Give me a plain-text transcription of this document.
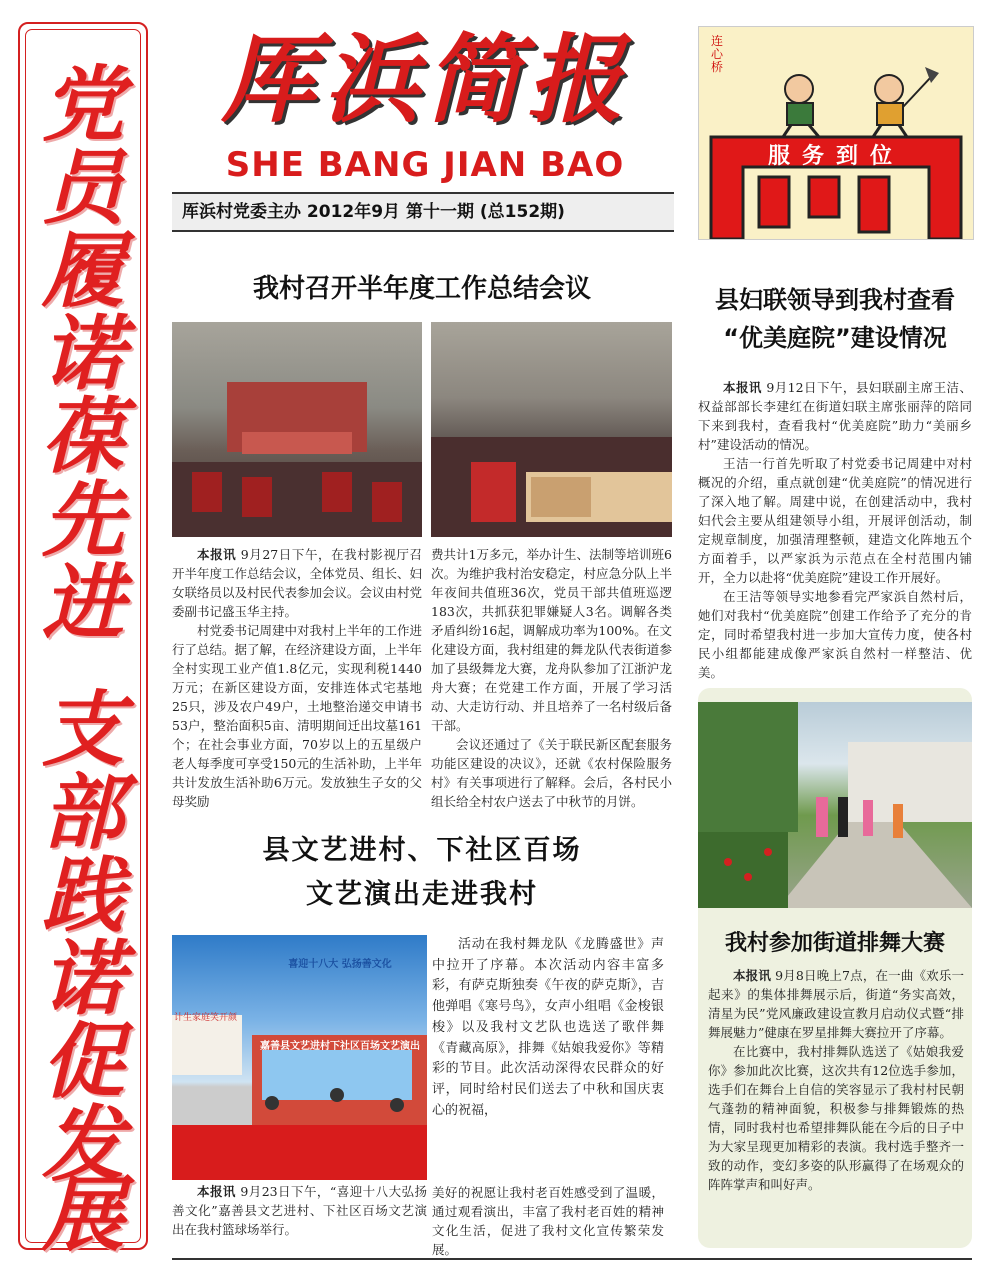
党
员
履
诺
葆
先
进
支
部
践
诺
促
发
展
厍浜简报
SHE BANG JIAN BAO
厍浜村党委主办 2012年9月 第十一期 (总152期)
连心桥
服务到位
我村召开半年度工作总结会议

本报讯 9月27日下午，在我村影视厅召开半年度工作总结会议，全体党员、组长、妇女联络员以及村民代表参加会议。会议由村党委副书记盛玉华主持。

村党委书记周建中对我村上半年的工作进行了总结。据了解，在经济建设方面，上半年全村实现工业产值1.8亿元，实现利税1440万元；在新区建设方面，安排连体式宅基地25只，涉及农户49户，土地整治递交申请书53户，整治面积5亩、清明期间迁出坟墓161个；在社会事业方面，70岁以上的五星级户老人每季度可享受150元的生活补助，上半年共计发放生活补助6万元。发放独生子女的父母奖励

费共计1万多元，举办计生、法制等培训班6次。为维护我村治安稳定，村应急分队上半年夜间共值班36次，党员干部共值班巡逻183次，共抓获犯罪嫌疑人3名。调解各类矛盾纠纷16起，调解成功率为100%。在文化建设方面，我村组建的舞龙队代表街道参加了县级舞龙大赛，龙舟队参加了江浙沪龙舟大赛；在党建工作方面，开展了学习活动、大走访行动、并且培养了一名村级后备干部。

会议还通过了《关于联民新区配套服务功能区建设的决议》，还就《农村保险服务村》有关事项进行了解释。会后，各村民小组长给全村农户送去了中秋节的月饼。

县文艺进村、下社区百场
文艺演出走进我村
计生家庭笑开颜
嘉善县文艺进村下社区百场文艺演出
喜迎十八大 弘扬善文化

本报讯 9月23日下午，“喜迎十八大弘扬善文化”嘉善县文艺进村、下社区百场文艺演出在我村篮球场举行。

活动在我村舞龙队《龙腾盛世》声中拉开了序幕。本次活动内容丰富多彩，有萨克斯独奏《午夜的萨克斯》，吉他弹唱《寒号鸟》，女声小组唱《金梭银梭》以及我村文艺队也选送了歌伴舞《青藏高原》，排舞《姑娘我爱你》等精彩的节目。此次活动深得农民群众的好评，同时给村民们送去了中秋和国庆衷心的祝福，

美好的祝愿让我村老百姓感受到了温暖，通过观看演出，丰富了我村老百姓的精神文化生活，促进了我村文化宣传繁荣发展。

县妇联领导到我村查看
“优美庭院”建设情况

本报讯 9月12日下午，县妇联副主席王洁、权益部部长李建红在街道妇联主席张丽萍的陪同下来到我村，查看我村“优美庭院”助力“美丽乡村”建设活动的情况。

王洁一行首先听取了村党委书记周建中对村概况的介绍，重点就创建“优美庭院”的情况进行了深入地了解。周建中说，在创建活动中，我村妇代会主要从组建领导小组，开展评创活动，制定规章制度，加强清理整顿，建造文化阵地五个方面着手，以严家浜为示范点在全村范围内铺开，全力以赴将“优美庭院”建设工作开展好。

在王洁等领导实地参看完严家浜自然村后，她们对我村“优美庭院”创建工作给予了充分的肯定，同时希望我村进一步加大宣传力度，使各村民小组都能建成像严家浜自然村一样整洁、优美。

我村参加街道排舞大赛

本报讯 9月8日晚上7点，在一曲《欢乐一起来》的集体排舞展示后，街道“务实高效，清星为民”党风廉政建设宣教月启动仪式暨“排舞展魅力”健康在罗星排舞大赛拉开了序幕。

在比赛中，我村排舞队选送了《姑娘我爱你》参加此次比赛，这次共有12位选手参加，选手们在舞台上自信的笑容显示了我村村民朝气蓬勃的精神面貌，积极参与排舞锻炼的热情，同时我村也希望排舞队能在今后的日子中为大家呈现更加精彩的表演。我村选手整齐一致的动作，变幻多姿的队形赢得了在场观众的阵阵掌声和叫好声。
